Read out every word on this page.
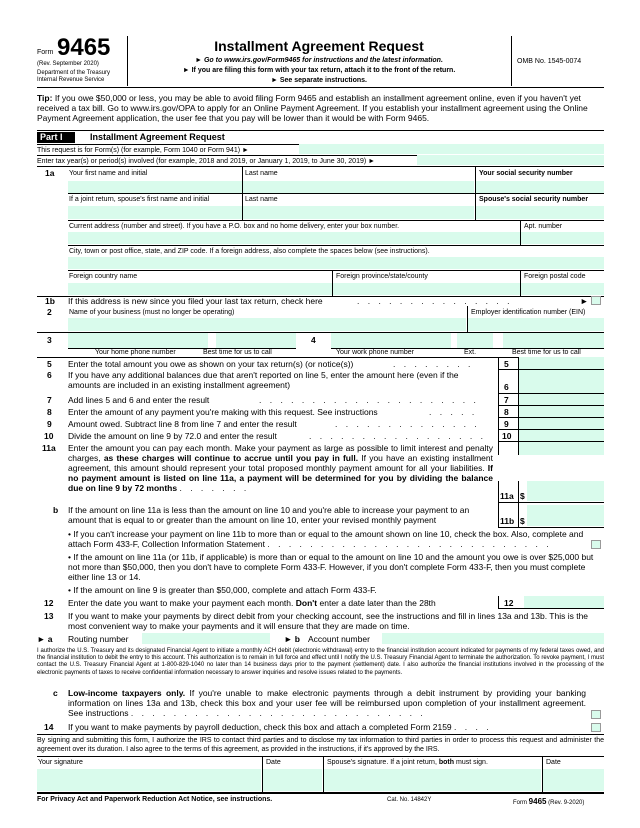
Form 9465
(Rev. September 2020)
Department of the Treasury
Internal Revenue Service
Installment Agreement Request
► Go to www.irs.gov/Form9465 for instructions and the latest information.
► If you are filing this form with your tax return, attach it to the front of the return.
► See separate instructions.
OMB No. 1545-0074
Tip: If you owe $50,000 or less, you may be able to avoid filing Form 9465 and establish an installment agreement online, even if you haven't yet received a tax bill. Go to www.irs.gov/OPA to apply for an Online Payment Agreement. If you establish your installment agreement using the Online Payment Agreement application, the user fee that you pay will be lower than it would be with Form 9465.
Part I	Installment Agreement Request
This request is for Form(s) (for example, Form 1040 or Form 941) ►
Enter tax year(s) or period(s) involved (for example, 2018 and 2019, or January 1, 2019, to June 30, 2019) ►
1a Your first name and initial	Last name	Your social security number
If a joint return, spouse's first name and initial	Last name	Spouse's social security number
Current address (number and street). If you have a P.O. box and no home delivery, enter your box number.	Apt. number
City, town or post office, state, and ZIP code. If a foreign address, also complete the spaces below (see instructions).
Foreign country name	Foreign province/state/county	Foreign postal code
1b If this address is new since you filed your last tax return, check here	. . . . . . . . . . . . . . .	►
2 Name of your business (must no longer be operating)	Employer identification number (EIN)
3	4
Your home phone number	Best time for us to call	Your work phone number	Ext.	Best time for us to call
5 Enter the total amount you owe as shown on your tax return(s) (or notice(s))	. . . . . . . .	5
6 If you have any additional balances due that aren't reported on line 5, enter the amount here (even if the amounts are included in an existing installment agreement)	6
7 Add lines 5 and 6 and enter the result	. . . . . . . . . . . . . . . . . . . . .	7
8 Enter the amount of any payment you're making with this request. See instructions	. . . . .	8
9 Amount owed. Subtract line 8 from line 7 and enter the result	. . . . . . . . . . . . . .	9
10 Divide the amount on line 9 by 72.0 and enter the result	. . . . . . . . . . . . . . . . . 10
11a Enter the amount you can pay each month. Make your payment as large as possible to limit interest and penalty charges, as these charges will continue to accrue until you pay in full. If you have an existing installment agreement, this amount should represent your total proposed monthly payment amount for all your liabilities. If no payment amount is listed on line 11a, a payment will be determined for you by dividing the balance due on line 9 by 72 months . . . . . . .
11a $
b If the amount on line 11a is less than the amount on line 10 and you're able to increase your payment to an amount that is equal to or greater than the amount on line 10, enter your revised monthly payment	11b $
• If you can't increase your payment on line 11b to more than or equal to the amount shown on line 10, check the box. Also, complete and attach Form 433-F, Collection Information Statement . . . . . . . . . . . . . . . . . . . . . . . . . . .
• If the amount on line 11a (or 11b, if applicable) is more than or equal to the amount on line 10 and the amount you owe is over $25,000 but not more than $50,000, then you don't have to complete Form 433-F. However, if you don't complete Form 433-F, then you must complete either line 13 or 14.
• If the amount on line 9 is greater than $50,000, complete and attach Form 433-F.
12 Enter the date you want to make your payment each month. Don't enter a date later than the 28th	12
13 If you want to make your payments by direct debit from your checking account, see the instructions and fill in lines 13a and 13b. This is the most convenient way to make your payments and it will ensure that they are made on time.
► a Routing number	► b Account number
I authorize the U.S. Treasury and its designated Financial Agent to initiate a monthly ACH debit (electronic withdrawal) entry to the financial institution account indicated for payments of my federal taxes owed, and the financial institution to debit the entry to this account. This authorization is to remain in full force and effect until I notify the U.S. Treasury Financial Agent to terminate the authorization. To revoke payment, I must contact the U.S. Treasury Financial Agent at 1-800-829-1040 no later than 14 business days prior to the payment (settlement) date. I also authorize the financial institutions involved in the processing of the electronic payments of taxes to receive confidential information necessary to answer inquiries and resolve issues related to the payments.
c Low-income taxpayers only. If you're unable to make electronic payments through a debit instrument by providing your banking information on lines 13a and 13b, check this box and your user fee will be reimbursed upon completion of your installment agreement. See instructions . . . . . . . . . . . . . . . . . . . . . . . . . . . .
14 If you want to make payments by payroll deduction, check this box and attach a completed Form 2159 . . . .
By signing and submitting this form, I authorize the IRS to contact third parties and to disclose my tax information to third parties in order to process this request and administer the agreement over its duration. I also agree to the terms of this agreement, as provided in the instructions, if it's approved by the IRS.
Your signature	Date	Spouse's signature. If a joint return, both must sign.	Date
For Privacy Act and Paperwork Reduction Act Notice, see instructions.	Cat. No. 14842Y	Form 9465 (Rev. 9-2020)
